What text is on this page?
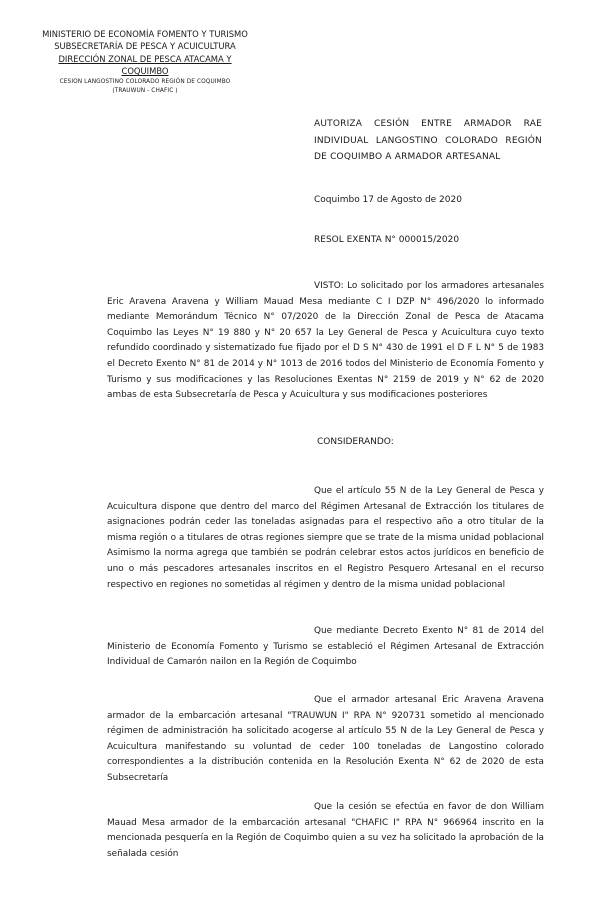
MINISTERIO DE ECONOMÍA FOMENTO Y TURISMO
SUBSECRETARÍA DE PESCA Y ACUICULTURA
DIRECCIÓN ZONAL DE PESCA ATACAMA Y
COQUIMBO
CESION LANGOSTINO COLORADO REGIÓN DE COQUIMBO
(TRAUWUN - CHAFIC )
AUTORIZA CESIÓN ENTRE ARMADOR RAE INDIVIDUAL LANGOSTINO COLORADO REGIÓN DE COQUIMBO A ARMADOR ARTESANAL
Coquimbo 17 de Agosto de 2020
RESOL EXENTA N° 000015/2020
VISTO: Lo solicitado por los armadores artesanales Eric Aravena Aravena y William Mauad Mesa mediante C I DZP N° 496/2020 lo informado mediante Memorándum Técnico N° 07/2020 de la Dirección Zonal de Pesca de Atacama Coquimbo las Leyes N° 19 880 y N° 20 657 la Ley General de Pesca y Acuicultura cuyo texto refundido coordinado y sistematizado fue fijado por el D S N° 430 de 1991 el D F L N° 5 de 1983 el Decreto Exento N° 81 de 2014 y N° 1013 de 2016 todos del Ministerio de Economía Fomento y Turismo y sus modificaciones y las Resoluciones Exentas N° 2159 de 2019 y N° 62 de 2020 ambas de esta Subsecretaría de Pesca y Acuicultura y sus modificaciones posteriores
CONSIDERANDO:
Que el artículo 55 N de la Ley General de Pesca y Acuicultura dispone que dentro del marco del Régimen Artesanal de Extracción los titulares de asignaciones podrán ceder las toneladas asignadas para el respectivo año a otro titular de la misma región o a titulares de otras regiones siempre que se trate de la misma unidad poblacional Asimismo la norma agrega que también se podrán celebrar estos actos jurídicos en beneficio de uno o más pescadores artesanales inscritos en el Registro Pesquero Artesanal en el recurso respectivo en regiones no sometidas al régimen y dentro de la misma unidad poblacional
Que mediante Decreto Exento N° 81 de 2014 del Ministerio de Economía Fomento y Turismo se estableció el Régimen Artesanal de Extracción Individual de Camarón nailon en la Región de Coquimbo
Que el armador artesanal Eric Aravena Aravena armador de la embarcación artesanal "TRAUWUN I" RPA N° 920731 sometido al mencionado régimen de administración ha solicitado acogerse al artículo 55 N de la Ley General de Pesca y Acuicultura manifestando su voluntad de ceder 100 toneladas de Langostino colorado correspondientes a la distribución contenida en la Resolución Exenta N° 62 de 2020 de esta Subsecretaría
Que la cesión se efectúa en favor de don William Mauad Mesa armador de la embarcación artesanal "CHAFIC I" RPA N° 966964 inscrito en la mencionada pesquería en la Región de Coquimbo quien a su vez ha solicitado la aprobación de la señalada cesión
